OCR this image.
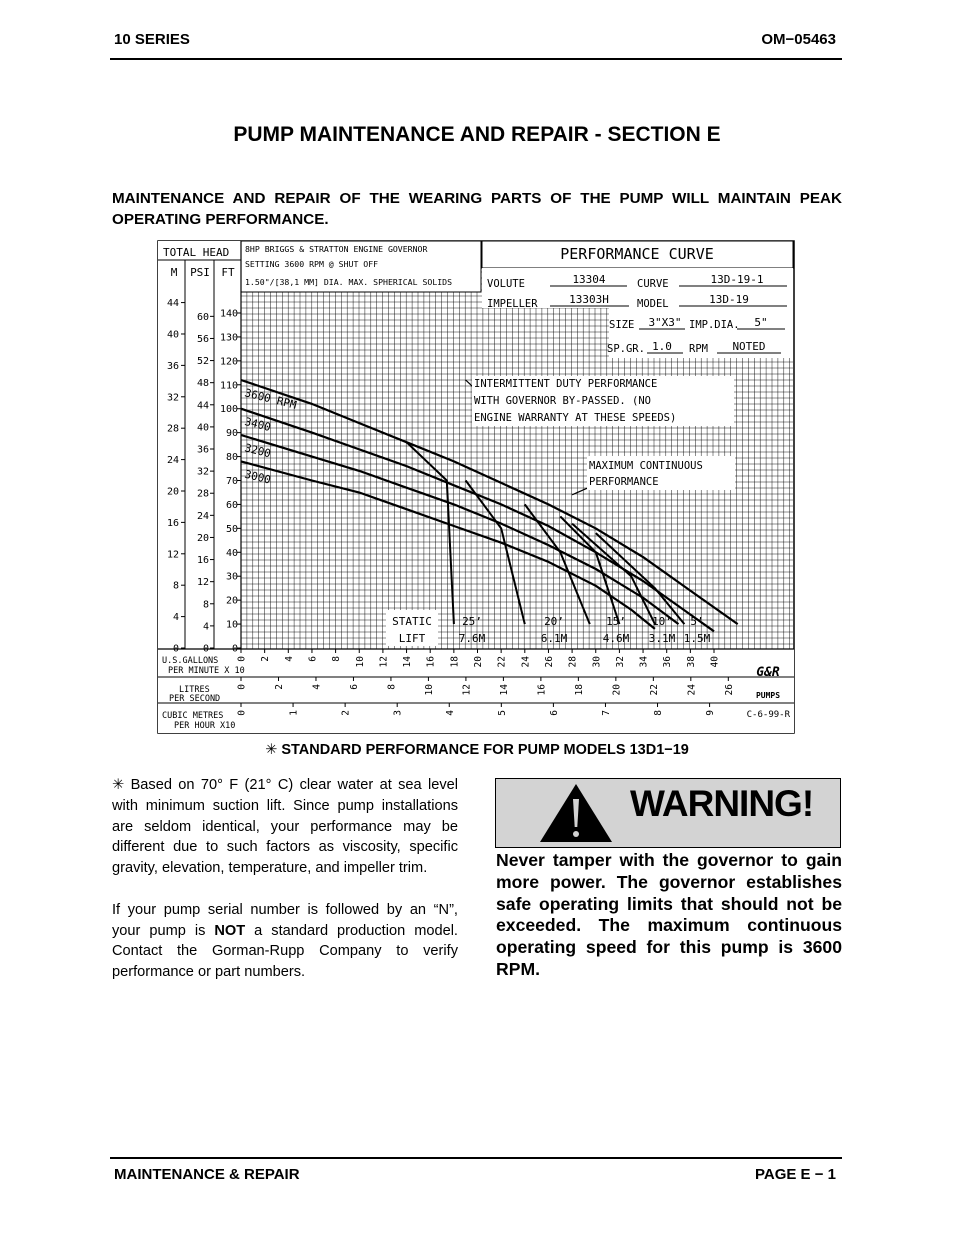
10 SERIES	OM−05463
PUMP MAINTENANCE AND REPAIR - SECTION E
MAINTENANCE AND REPAIR OF THE WEARING PARTS OF THE PUMP WILL MAINTAIN PEAK OPERATING PERFORMANCE.
TOTAL HEAD 8HP BRIGGS & STRATTON ENGINE GOVERNOR
SETTING 3600 RPM @ SHUT OFF
1.50"/[38,1 MM] DIA. MAX. SPHERICAL SOLIDS
PERFORMANCE CURVE
VOLUTE	13304	CURVE	13D-19-1
IMPELLER	13303H	MODEL	13D-19
SIZE 3"X3" IMP.DIA. 5"
SP.GR. 1.0 RPM NOTED
M PSI FT
0
10
20
30
40
50
60
70
80
90
100
110
120
130
140
0
4
8
12
16
20
24
28
32
36
40
44
48
52
56
60
0
4
8
12
16
20
24
28
32
36
40
44
3600 RPM
3400
3200
3000
INTERMITTENT DUTY PERFORMANCE
WITH GOVERNOR BY-PASSED. (NO
ENGINE WARRANTY AT THESE SPEEDS)
MAXIMUM CONTINUOUS
PERFORMANCE
STATIC
LIFT
25’
7.6M
20’
6.1M
15’
4.6M
10’
3.1M
5’
1.5M
U.S.GALLONS
PER MINUTE X 10
0 2 4 6 8 10 12 14 16 18 20 22 24 26 28 30 32 34 36 38 40
LITRES
PER SECOND
0	2	4	6	8	10	12	14	16	18	20	22	24	26
CUBIC METRES
PER HOUR X10
0	1	2	3	4	5	6	7	8	9
G&R
PUMPS
C-6-99-R
✳ STANDARD PERFORMANCE FOR PUMP MODELS 13D1−19

✳ Based on 70° F (21° C) clear water at sea level with minimum suction lift. Since pump installations are seldom identical, your performance may be different due to such factors as viscosity, specific gravity, elevation, temperature, and impeller trim.

If your pump serial number is followed by an “N”, your pump is NOT a standard production model. Contact the Gorman-Rupp Company to verify performance or part numbers.

WARNING!
Never tamper with the governor to gain more power. The governor establishes safe operating limits that should not be exceeded. The maximum continuous operating speed for this pump is 3600 RPM.
MAINTENANCE & REPAIR	PAGE E − 1
